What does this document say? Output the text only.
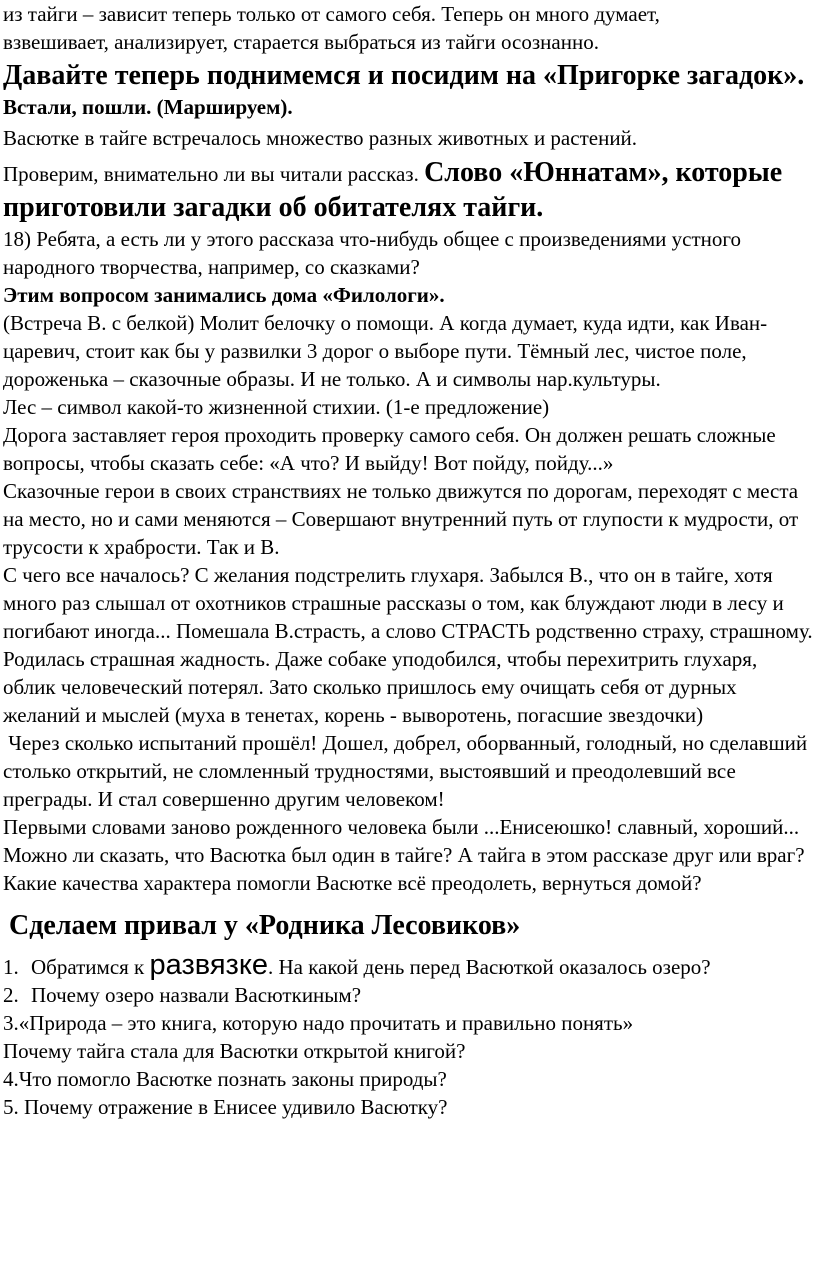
из тайги – зависит теперь только от самого себя. Теперь он много думает,

взвешивает, анализирует, старается выбраться из тайги осознанно.

Давайте теперь поднимемся и посидим на «Пригорке загадок».

Встали, пошли. (Маршируем).

Васютке в тайге встречалось множество разных животных и растений.

Проверим, внимательно ли вы читали рассказ. Слово «Юннатам», которые приготовили загадки об обитателях тайги.

18) Ребята, а есть ли у этого рассказа что-нибудь общее с произведениями устного народного творчества, например, со сказками?

Этим вопросом занимались дома «Филологи».

(Встреча В. с белкой) Молит белочку о помощи. А когда думает, куда идти, как Иван-царевич, стоит как бы у развилки 3 дорог о выборе пути. Тёмный лес, чистое поле, дороженька – сказочные образы. И не только. А и символы нар.культуры.

Лес – символ какой-то жизненной стихии. (1-е предложение)

Дорога заставляет героя проходить проверку самого себя. Он должен решать сложные вопросы, чтобы сказать себе: «А что? И выйду! Вот пойду, пойду...»

Сказочные герои в своих странствиях не только движутся по дорогам, переходят с места на место, но и сами меняются – Совершают внутренний путь от глупости к мудрости, от трусости к храбрости. Так и В.

С чего все началось? С желания подстрелить глухаря. Забылся В., что он в тайге, хотя много раз слышал от охотников страшные рассказы о том, как блуждают люди в лесу и погибают иногда... Помешала В.страсть, а слово СТРАСТЬ родственно страху, страшному. Родилась страшная жадность. Даже собаке уподобился, чтобы перехитрить глухаря, облик человеческий потерял. Зато сколько пришлось ему очищать себя от дурных желаний и мыслей (муха в тенетах, корень - выворотень, погасшие звездочки)

Через сколько испытаний прошёл! Дошел, добрел, оборванный, голодный, но сделавший столько открытий, не сломленный трудностями, выстоявший и преодолевший все преграды. И стал совершенно другим человеком!

Первыми словами заново рожденного человека были ...Енисеюшко! славный, хороший...

Можно ли сказать, что Васютка был один в тайге? А тайга в этом рассказе друг или враг? Какие качества характера помогли Васютке всё преодолеть, вернуться домой?

Сделаем привал у «Родника Лесовиков»

1. Обратимся к развязке. На какой день перед Васюткой оказалось озеро?

2. Почему озеро назвали Васюткиным?

3.«Природа – это книга, которую надо прочитать и правильно понять»

Почему тайга стала для Васютки открытой книгой?

4.Что помогло Васютке познать законы природы?

5. Почему отражение в Енисее удивило Васютку?
